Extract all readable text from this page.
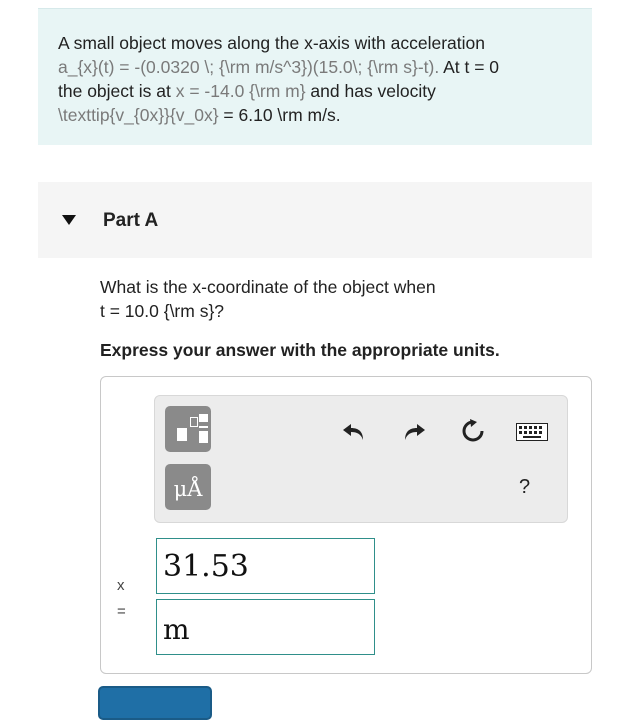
A small object moves along the x-axis with acceleration
a_{x}(t) = -(0.0320 \; {\rm m/s^3})(15.0\; {\rm s}-t). At t = 0
the object is at x = -14.0 {\rm m} and has velocity
\texttip{v_{0x}}{v_0x} = 6.10 \rm m/s.
Part A
What is the x-coordinate of the object when
t = 10.0 {\rm s}?
Express your answer with the appropriate units.
μÅ	?
x
=
31.53
m
